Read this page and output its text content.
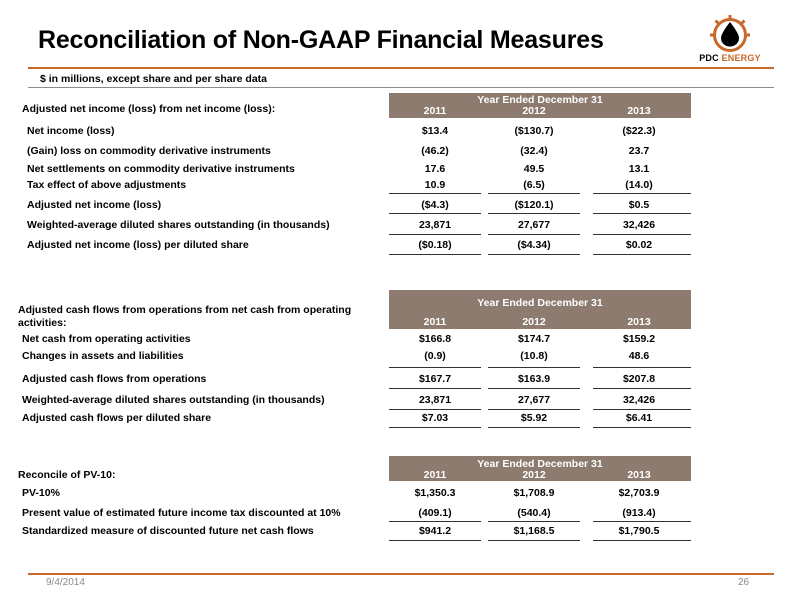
Reconciliation of Non-GAAP Financial Measures
$ in millions, except share and per share data
PDC ENERGY
Year Ended December 31
2011	2012	2013
Adjusted net income (loss) from net income (loss):
Net income (loss)	$13.4	($130.7)	($22.3)
(Gain) loss on commodity derivative instruments	(46.2)	(32.4)	23.7
Net settlements on commodity derivative instruments	17.6	49.5	13.1
Tax effect of above adjustments	10.9	(6.5)	(14.0)
Adjusted net income (loss)	($4.3)	($120.1)	$0.5
Weighted-average diluted shares outstanding (in thousands)	23,871	27,677	32,426
Adjusted net income (loss) per diluted share	($0.18)	($4.34)	$0.02
Year Ended December 31
2011	2012	2013
Adjusted cash flows from operations from net cash from operating
activities:
Net cash from operating activities	$166.8	$174.7	$159.2
Changes in assets and liabilities	(0.9)	(10.8)	48.6
Adjusted cash flows from operations	$167.7	$163.9	$207.8
Weighted-average diluted shares outstanding (in thousands)	23,871	27,677	32,426
Adjusted cash flows per diluted share	$7.03	$5.92	$6.41
Year Ended December 31
2011	2012	2013
Reconcile of PV-10:
PV-10%	$1,350.3	$1,708.9	$2,703.9
Present value of estimated future income tax discounted at 10%	(409.1)	(540.4)	(913.4)
Standardized measure of discounted future net cash flows	$941.2	$1,168.5	$1,790.5
9/4/2014	26
